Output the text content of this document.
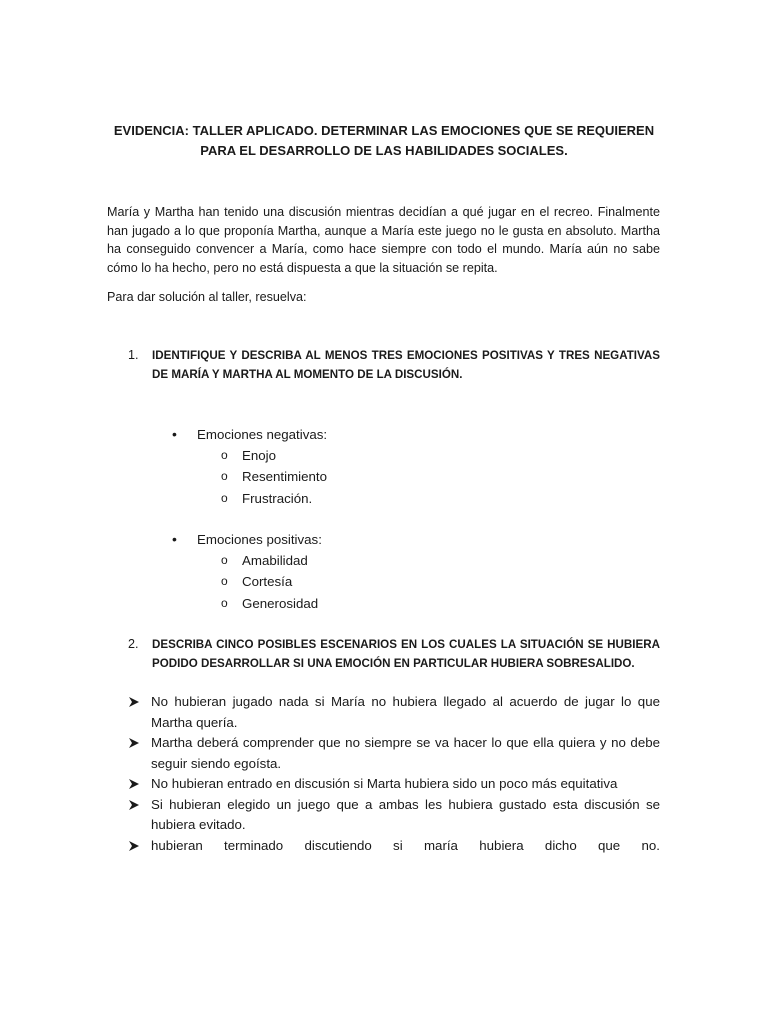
EVIDENCIA: TALLER APLICADO. DETERMINAR LAS EMOCIONES QUE SE REQUIEREN PARA EL DESARROLLO DE LAS HABILIDADES SOCIALES.

María y Martha han tenido una discusión mientras decidían a qué jugar en el recreo. Finalmente han jugado a lo que proponía Martha, aunque a María este juego no le gusta en absoluto. Martha ha conseguido convencer a María, como hace siempre con todo el mundo. María aún no sabe cómo lo ha hecho, pero no está dispuesta a que la situación se repita.

Para dar solución al taller, resuelva:

1. IDENTIFIQUE Y DESCRIBA AL MENOS TRES EMOCIONES POSITIVAS Y TRES NEGATIVAS DE MARÍA Y MARTHA AL MOMENTO DE LA DISCUSIÓN.
• Emociones negativas:
o Enojo
o Resentimiento
o Frustración.
• Emociones positivas:
o Amabilidad
o Cortesía
o Generosidad
2. DESCRIBA CINCO POSIBLES ESCENARIOS EN LOS CUALES LA SITUACIÓN SE HUBIERA PODIDO DESARROLLAR SI UNA EMOCIÓN EN PARTICULAR HUBIERA SOBRESALIDO.
No hubieran jugado nada si María no hubiera llegado al acuerdo de jugar lo que Martha quería.
Martha deberá comprender que no siempre se va hacer lo que ella quiera y no debe seguir siendo egoísta.
No hubieran entrado en discusión si Marta hubiera sido un poco más equitativa
Si hubieran elegido un juego que a ambas les hubiera gustado esta discusión se hubiera evitado.
hubieran terminado discutiendo si maría hubiera dicho que no.
